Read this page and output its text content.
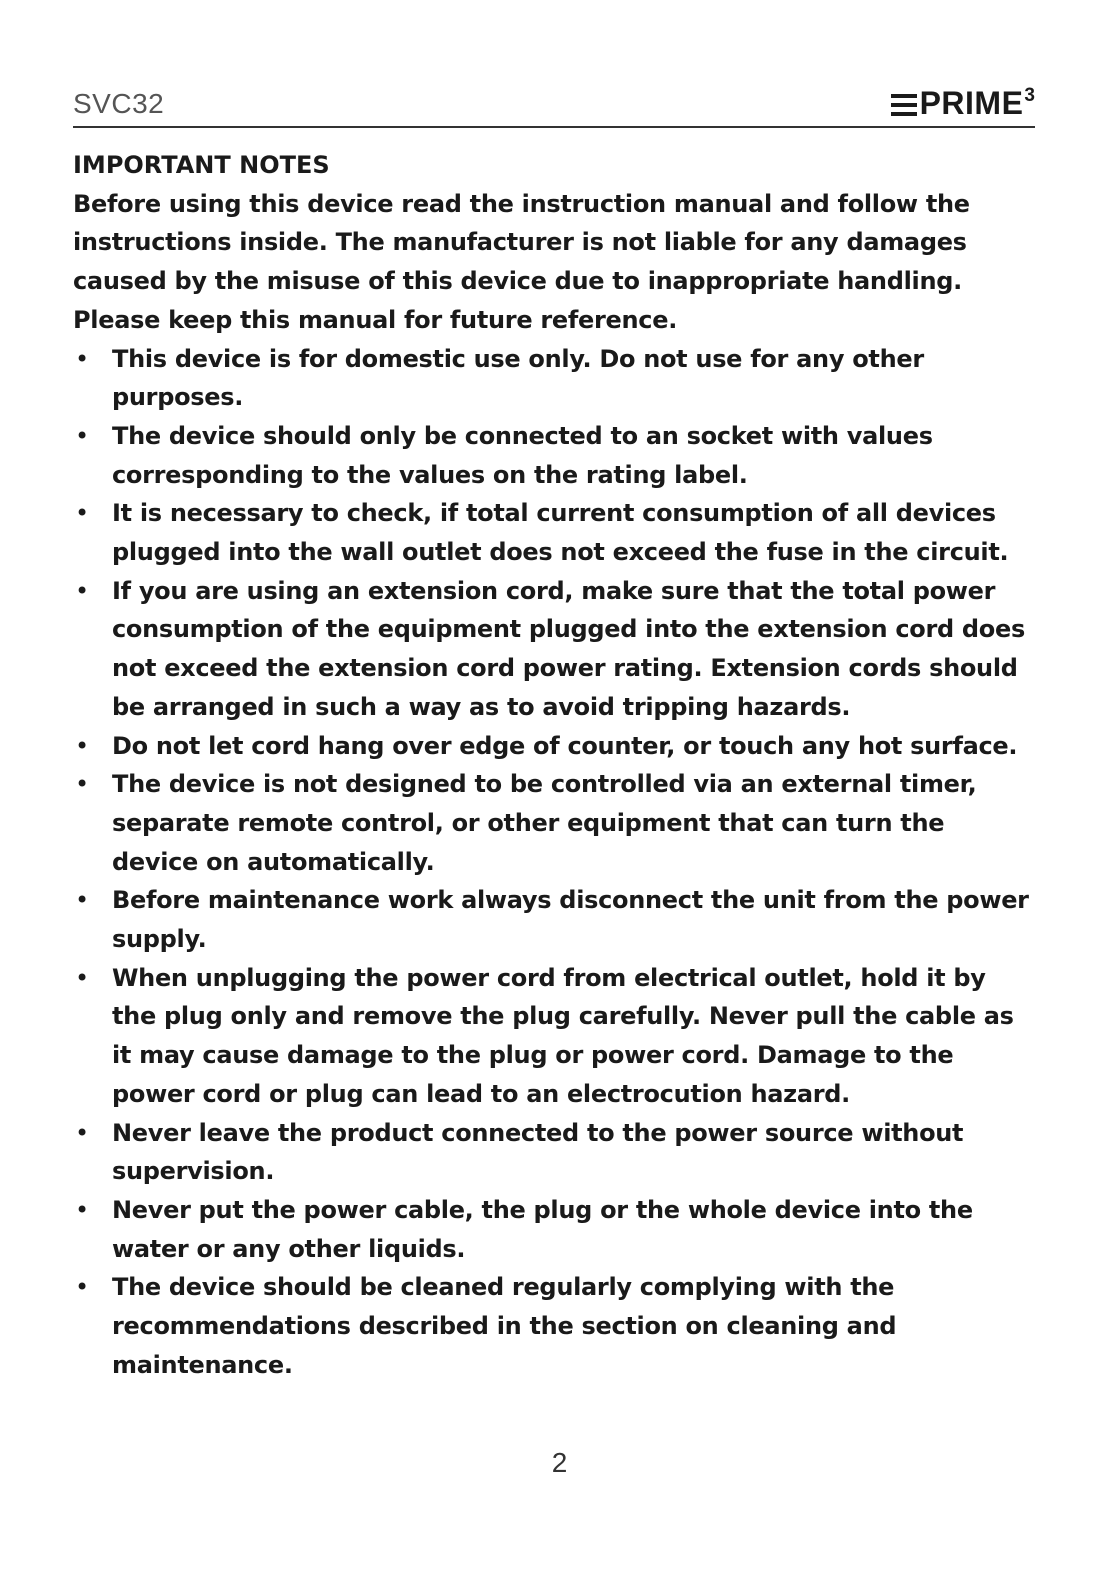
SVC32	PRIME 3

IMPORTANT NOTES

Before using this device read the instruction manual and follow the instructions inside. The manufacturer is not liable for any damages caused by the misuse of this device due to inappropriate handling. Please keep this manual for future reference.

• This device is for domestic use only. Do not use for any other purposes.
• The device should only be connected to an socket with values corresponding to the values on the rating label.
• It is necessary to check, if total current consumption of all devices plugged into the wall outlet does not exceed the fuse in the circuit.
• If you are using an extension cord, make sure that the total power consumption of the equipment plugged into the extension cord does not exceed the extension cord power rating. Extension cords should be arranged in such a way as to avoid tripping hazards.
• Do not let cord hang over edge of counter, or touch any hot surface.
• The device is not designed to be controlled via an external timer, separate remote control, or other equipment that can turn the device on automatically.
• Before maintenance work always disconnect the unit from the power supply.
• When unplugging the power cord from electrical outlet, hold it by the plug only and remove the plug carefully. Never pull the cable as it may cause damage to the plug or power cord. Damage to the power cord or plug can lead to an electrocution hazard.
• Never leave the product connected to the power source without supervision.
• Never put the power cable, the plug or the whole device into the water or any other liquids.
• The device should be cleaned regularly complying with the recommendations described in the section on cleaning and maintenance.
2
